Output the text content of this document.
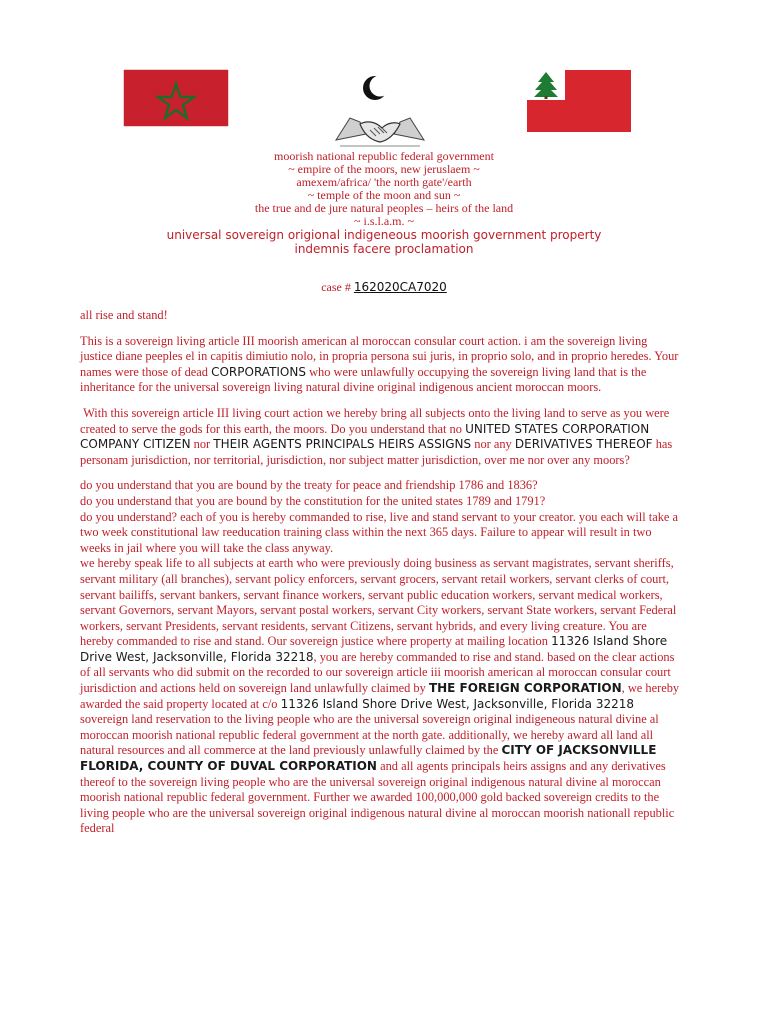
moorish national republic federal government
~ empire of the moors, new jeruslaem ~
amexem/africa/ 'the north gate'/earth
~ temple of the moon and sun ~
the true and de jure natural peoples – heirs of the land
~ i.s.l.a.m. ~
universal sovereign origional indigeneous moorish government property
indemnis facere proclamation
case # 162020CA7020

all rise and stand!

This is a sovereign living article III moorish american al moroccan consular court action. i am the sovereign living justice diane peeples el in capitis dimiutio nolo, in propria persona sui juris, in proprio solo, and in proprio heredes. Your names were those of dead CORPORATIONS who were unlawfully occupying the sovereign living land that is the inheritance for the universal sovereign living natural divine original indigenous ancient moroccan moors.

With this sovereign article III living court action we hereby bring all subjects onto the living land to serve as you were created to serve the gods for this earth, the moors. Do you understand that no UNITED STATES CORPORATION COMPANY CITIZEN nor THEIR AGENTS PRINCIPALS HEIRS ASSIGNS nor any DERIVATIVES THEREOF has personam jurisdiction, nor territorial, jurisdiction, nor subject matter jurisdiction, over me nor over any moors?

do you understand that you are bound by the treaty for peace and friendship 1786 and 1836?

do you understand that you are bound by the constitution for the united states 1789 and 1791?

do you understand? each of you is hereby commanded to rise, live and stand servant to your creator. you each will take a two week constitutional law reeducation training class within the next 365 days. Failure to appear will result in two weeks in jail where you will take the class anyway.

we hereby speak life to all subjects at earth who were previously doing business as servant magistrates, servant sheriffs, servant military (all branches), servant policy enforcers, servant grocers, servant retail workers, servant clerks of court, servant bailiffs, servant bankers, servant finance workers, servant public education workers, servant medical workers, servant Governors, servant Mayors, servant postal workers, servant City workers, servant State workers, servant Federal workers, servant Presidents, servant residents, servant Citizens, servant hybrids, and every living creature. You are hereby commanded to rise and stand. Our sovereign justice where property at mailing location 11326 Island Shore Drive West, Jacksonville, Florida 32218, you are hereby commanded to rise and stand. based on the clear actions of all servants who did submit on the recorded to our sovereign article iii moorish american al moroccan consular court jurisdiction and actions held on sovereign land unlawfully claimed by THE FOREIGN CORPORATION, we hereby awarded the said property located at c/o 11326 Island Shore Drive West, Jacksonville, Florida 32218 sovereign land reservation to the living people who are the universal sovereign original indigeneous natural divine al moroccan moorish national republic federal government at the north gate. additionally, we hereby award all land all natural resources and all commerce at the land previously unlawfully claimed by the CITY OF JACKSONVILLE FLORIDA, COUNTY OF DUVAL CORPORATION and all agents principals heirs assigns and any derivatives thereof to the sovereign living people who are the universal sovereign original indigenous natural divine al moroccan moorish national republic federal government. Further we awarded 100,000,000 gold backed sovereign credits to the living people who are the universal sovereign original indigenous natural divine al moroccan moorish nationall republic federal
